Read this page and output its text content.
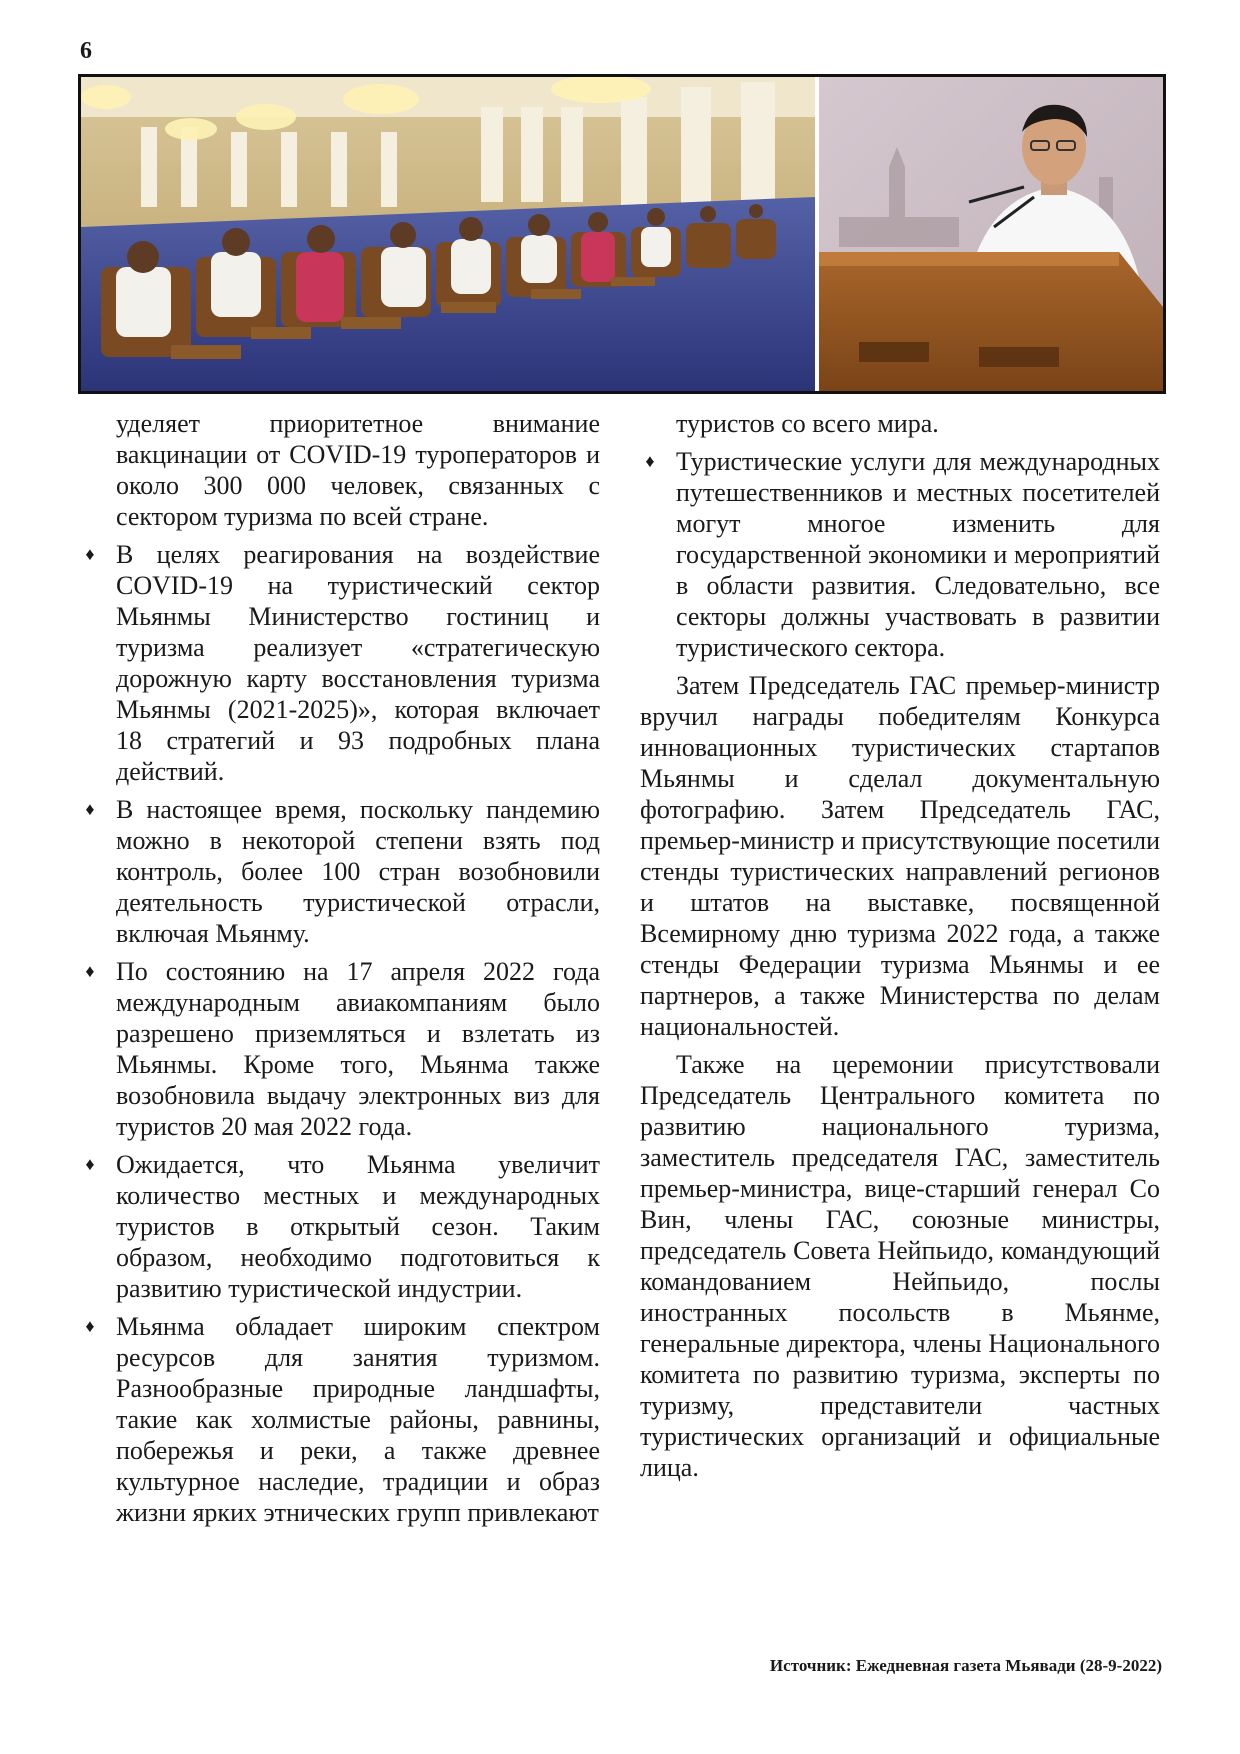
6

уделяет приоритетное внимание вакцинации от COVID-19 туроператоров и около 300 000 человек, связанных с сектором туризма по всей стране.

♦ В целях реагирования на воздействие COVID-19 на туристический сектор Мьянмы Министерство гостиниц и туризма реализует «стратегическую дорожную карту восстановления туризма Мьянмы (2021-2025)», которая включает 18 стратегий и 93 подробных плана действий.

♦ В настоящее время, поскольку пандемию можно в некоторой степени взять под контроль, более 100 стран возобновили деятельность туристической отрасли, включая Мьянму.

♦ По состоянию на 17 апреля 2022 года международным авиакомпаниям было разрешено приземляться и взлетать из Мьянмы. Кроме того, Мьянма также возобновила выдачу электронных виз для туристов 20 мая 2022 года.

♦ Ожидается, что Мьянма увеличит количество местных и международных туристов в открытый сезон. Таким образом, необходимо подготовиться к развитию туристической индустрии.

♦ Мьянма обладает широким спектром ресурсов для занятия туризмом. Разнообразные природные ландшафты, такие как холмистые районы, равнины, побережья и реки, а также древнее культурное наследие, традиции и образ жизни ярких этнических групп привлекают

туристов со всего мира.

♦ Туристические услуги для международных путешественников и местных посетителей могут многое изменить для государственной экономики и мероприятий в области развития. Следовательно, все секторы должны участвовать в развитии туристического сектора.

Затем Председатель ГАС премьер-министр вручил награды победителям Конкурса инновационных туристических стартапов Мьянмы и сделал документальную фотографию. Затем Председатель ГАС, премьер-министр и присутствующие посетили стенды туристических направлений регионов и штатов на выставке, посвященной Всемирному дню туризма 2022 года, а также стенды Федерации туризма Мьянмы и ее партнеров, а также Министерства по делам национальностей.

Также на церемонии присутствовали Председатель Центрального комитета по развитию национального туризма, заместитель председателя ГАС, заместитель премьер-министра, вице-старший генерал Со Вин, члены ГАС, союзные министры, председатель Совета Нейпьидо, командующий командованием Нейпьидо, послы иностранных посольств в Мьянме, генеральные директора, члены Национального комитета по развитию туризма, эксперты по туризму, представители частных туристических организаций и официальные лица.

Источник: Ежедневная газета Мьявади (28-9-2022)
